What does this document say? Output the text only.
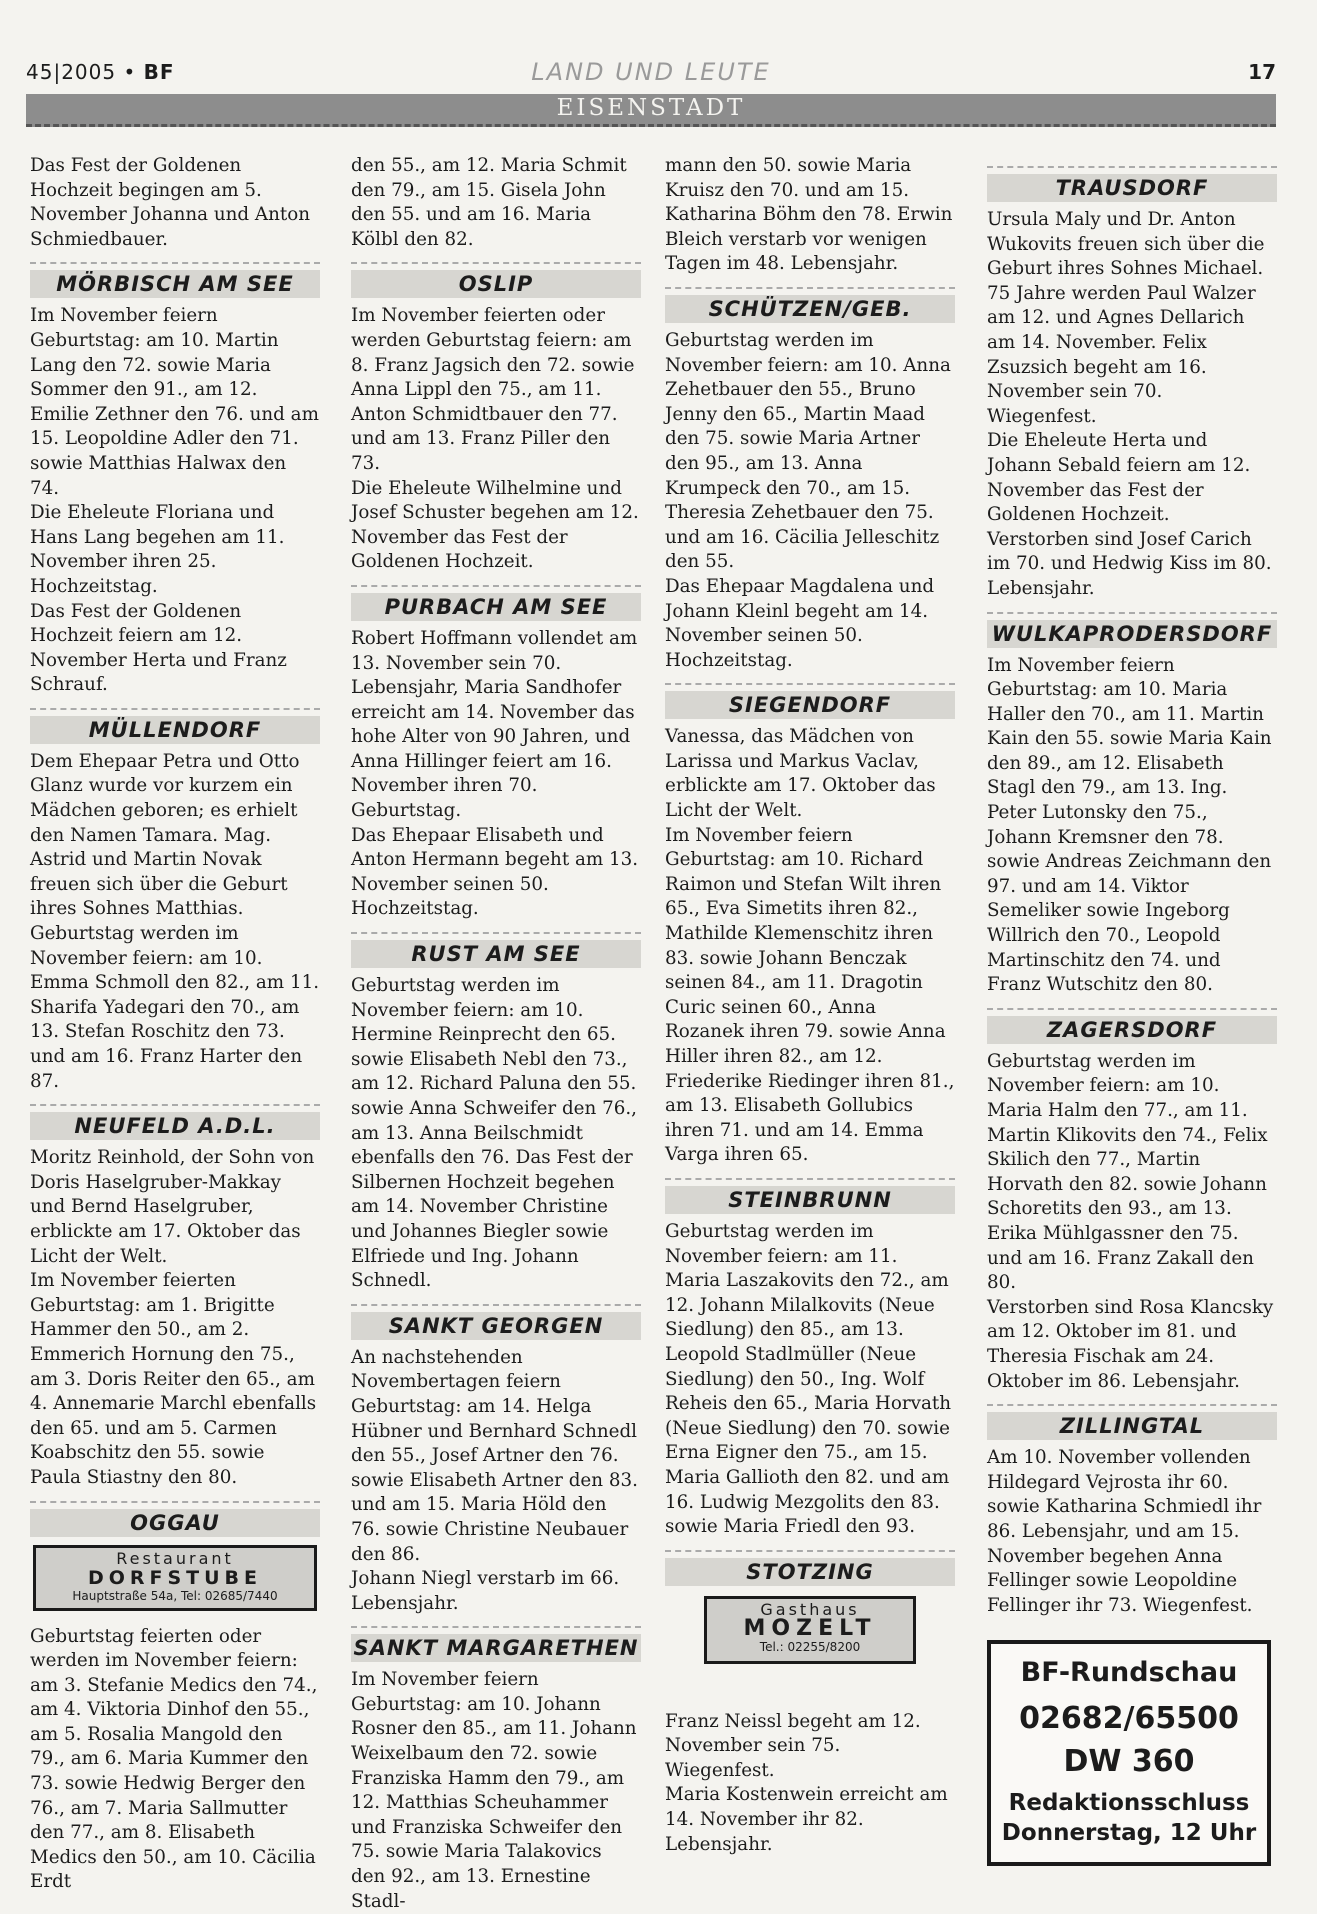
45|2005 • BF	LAND UND LEUTE	17
EISENSTADT

Das Fest der Goldenen Hochzeit begingen am 5. November Johanna und Anton Schmiedbauer.

MÖRBISCH AM SEE

Im November feiern Geburtstag: am 10. Martin Lang den 72. sowie Maria Sommer den 91., am 12. Emilie Zethner den 76. und am 15. Leopoldine Adler den 71. sowie Matthias Halwax den 74.

Die Eheleute Floriana und Hans Lang begehen am 11. November ihren 25. Hochzeitstag.

Das Fest der Goldenen Hochzeit feiern am 12. November Herta und Franz Schrauf.

MÜLLENDORF

Dem Ehepaar Petra und Otto Glanz wurde vor kurzem ein Mädchen geboren; es erhielt den Namen Tamara. Mag. Astrid und Martin Novak freuen sich über die Geburt ihres Sohnes Matthias.

Geburtstag werden im November feiern: am 10. Emma Schmoll den 82., am 11. Sharifa Yadegari den 70., am 13. Stefan Roschitz den 73. und am 16. Franz Harter den 87.

NEUFELD A.D.L.

Moritz Reinhold, der Sohn von Doris Haselgruber-Makkay und Bernd Haselgruber, erblickte am 17. Oktober das Licht der Welt.

Im November feierten Geburtstag: am 1. Brigitte Hammer den 50., am 2. Emmerich Hornung den 75., am 3. Doris Reiter den 65., am 4. Annemarie Marchl ebenfalls den 65. und am 5. Carmen Koabschitz den 55. sowie Paula Stiastny den 80.

OGGAU
Restaurant
DORFSTUBE
Hauptstraße 54a, Tel: 02685/7440

Geburtstag feierten oder werden im November feiern: am 3. Stefanie Medics den 74., am 4. Viktoria Dinhof den 55., am 5. Rosalia Mangold den 79., am 6. Maria Kummer den 73. sowie Hedwig Berger den 76., am 7. Maria Sallmutter den 77., am 8. Elisabeth Medics den 50., am 10. Cäcilia Erdt

den 55., am 12. Maria Schmit den 79., am 15. Gisela John den 55. und am 16. Maria Kölbl den 82.

OSLIP

Im November feierten oder werden Geburtstag feiern: am 8. Franz Jagsich den 72. sowie Anna Lippl den 75., am 11. Anton Schmidtbauer den 77. und am 13. Franz Piller den 73.

Die Eheleute Wilhelmine und Josef Schuster begehen am 12. November das Fest der Goldenen Hochzeit.

PURBACH AM SEE

Robert Hoffmann vollendet am 13. November sein 70. Lebensjahr, Maria Sandhofer erreicht am 14. November das hohe Alter von 90 Jahren, und Anna Hillinger feiert am 16. November ihren 70. Geburtstag.

Das Ehepaar Elisabeth und Anton Hermann begeht am 13. November seinen 50. Hochzeitstag.

RUST AM SEE

Geburtstag werden im November feiern: am 10. Hermine Reinprecht den 65. sowie Elisabeth Nebl den 73., am 12. Richard Paluna den 55. sowie Anna Schweifer den 76., am 13. Anna Beilschmidt ebenfalls den 76. Das Fest der Silbernen Hochzeit begehen am 14. November Christine und Johannes Biegler sowie Elfriede und Ing. Johann Schnedl.

SANKT GEORGEN

An nachstehenden Novembertagen feiern Geburtstag: am 14. Helga Hübner und Bernhard Schnedl den 55., Josef Artner den 76. sowie Elisabeth Artner den 83. und am 15. Maria Höld den 76. sowie Christine Neubauer den 86.

Johann Niegl verstarb im 66. Lebensjahr.

SANKT MARGARETHEN

Im November feiern Geburtstag: am 10. Johann Rosner den 85., am 11. Johann Weixelbaum den 72. sowie Franziska Hamm den 79., am 12. Matthias Scheuhammer und Franziska Schweifer den 75. sowie Maria Talakovics den 92., am 13. Ernestine Stadl-

mann den 50. sowie Maria Kruisz den 70. und am 15. Katharina Böhm den 78. Erwin Bleich verstarb vor wenigen Tagen im 48. Lebensjahr.

SCHÜTZEN/GEB.

Geburtstag werden im November feiern: am 10. Anna Zehetbauer den 55., Bruno Jenny den 65., Martin Maad den 75. sowie Maria Artner den 95., am 13. Anna Krumpeck den 70., am 15. Theresia Zehetbauer den 75. und am 16. Cäcilia Jelleschitz den 55.

Das Ehepaar Magdalena und Johann Kleinl begeht am 14. November seinen 50. Hochzeitstag.

SIEGENDORF

Vanessa, das Mädchen von Larissa und Markus Vaclav, erblickte am 17. Oktober das Licht der Welt.

Im November feiern Geburtstag: am 10. Richard Raimon und Stefan Wilt ihren 65., Eva Simetits ihren 82., Mathilde Klemenschitz ihren 83. sowie Johann Benczak seinen 84., am 11. Dragotin Curic seinen 60., Anna Rozanek ihren 79. sowie Anna Hiller ihren 82., am 12. Friederike Riedinger ihren 81., am 13. Elisabeth Gollubics ihren 71. und am 14. Emma Varga ihren 65.

STEINBRUNN

Geburtstag werden im November feiern: am 11. Maria Laszakovits den 72., am 12. Johann Milalkovits (Neue Siedlung) den 85., am 13. Leopold Stadlmüller (Neue Siedlung) den 50., Ing. Wolf Reheis den 65., Maria Horvath (Neue Siedlung) den 70. sowie Erna Eigner den 75., am 15. Maria Gallioth den 82. und am 16. Ludwig Mezgolits den 83. sowie Maria Friedl den 93.

STOTZING
Gasthaus
MOZELT
Tel.: 02255/8200

Franz Neissl begeht am 12. November sein 75. Wiegenfest.

Maria Kostenwein erreicht am 14. November ihr 82. Lebensjahr.

TRAUSDORF

Ursula Maly und Dr. Anton Wukovits freuen sich über die Geburt ihres Sohnes Michael. 75 Jahre werden Paul Walzer am 12. und Agnes Dellarich am 14. November. Felix Zsuzsich begeht am 16. November sein 70. Wiegenfest.

Die Eheleute Herta und Johann Sebald feiern am 12. November das Fest der Goldenen Hochzeit.

Verstorben sind Josef Carich im 70. und Hedwig Kiss im 80. Lebensjahr.

WULKAPRODERSDORF

Im November feiern Geburtstag: am 10. Maria Haller den 70., am 11. Martin Kain den 55. sowie Maria Kain den 89., am 12. Elisabeth Stagl den 79., am 13. Ing. Peter Lutonsky den 75., Johann Kremsner den 78. sowie Andreas Zeichmann den 97. und am 14. Viktor Semeliker sowie Ingeborg Willrich den 70., Leopold Martinschitz den 74. und Franz Wutschitz den 80.

ZAGERSDORF

Geburtstag werden im November feiern: am 10. Maria Halm den 77., am 11. Martin Klikovits den 74., Felix Skilich den 77., Martin Horvath den 82. sowie Johann Schoretits den 93., am 13. Erika Mühlgassner den 75. und am 16. Franz Zakall den 80.

Verstorben sind Rosa Klancsky am 12. Oktober im 81. und Theresia Fischak am 24. Oktober im 86. Lebensjahr.

ZILLINGTAL

Am 10. November vollenden Hildegard Vejrosta ihr 60. sowie Katharina Schmiedl ihr 86. Lebensjahr, und am 15. November begehen Anna Fellinger sowie Leopoldine Fellinger ihr 73. Wiegenfest.

BF-Rundschau
02682/65500
DW 360
Redaktionsschluss
Donnerstag, 12 Uhr
